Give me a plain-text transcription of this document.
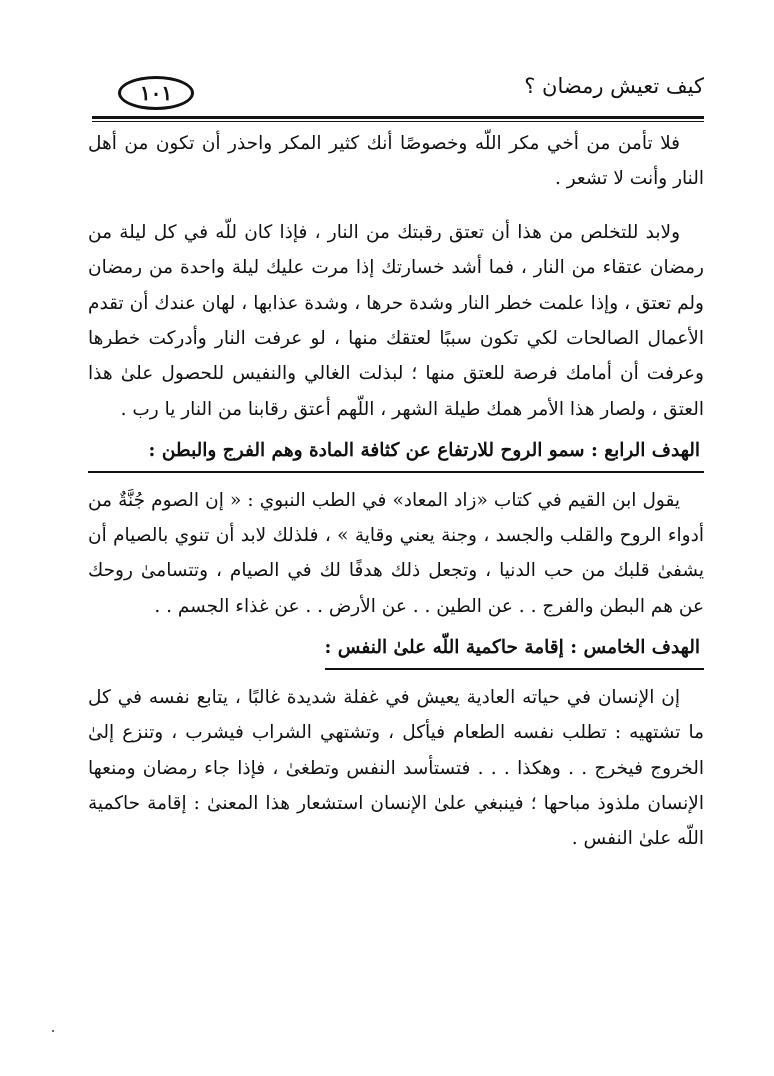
كيف تعيش رمضان ؟
١٠١

فلا تأمن من أخي مكر اللّه وخصوصًا أنك كثير المكر واحذر أن تكون من أهل النار وأنت لا تشعر .

ولابد للتخلص من هذا أن تعتق رقبتك من النار ، فإذا كان للّه في كل ليلة من رمضان عتقاء من النار ، فما أشد خسارتك إذا مرت عليك ليلة واحدة من رمضان ولم تعتق ، وإذا علمت خطر النار وشدة حرها ، وشدة عذابها ، لهان عندك أن تقدم الأعمال الصالحات لكي تكون سببًا لعتقك منها ، لو عرفت النار وأدركت خطرها وعرفت أن أمامك فرصة للعتق منها ؛ لبذلت الغالي والنفيس للحصول علىٰ هذا العتق ، ولصار هذا الأمر همك طيلة الشهر ، اللّهم أعتق رقابنا من النار يا رب .

الهدف الرابع : سمو الروح للارتفاع عن كثافة المادة وهم الفرج والبطن :

يقول ابن القيم في كتاب «زاد المعاد» في الطب النبوي : « إن الصوم جُنَّةٌ من أدواء الروح والقلب والجسد ، وجنة يعني وقاية » ، فلذلك لابد أن تنوي بالصيام أن يشفىٰ قلبك من حب الدنيا ، وتجعل ذلك هدفًا لك في الصيام ، وتتسامىٰ روحك عن هم البطن والفرج . . عن الطين . . عن الأرض . . عن غذاء الجسم . .

الهدف الخامس : إقامة حاكمية اللّه علىٰ النفس :

إن الإنسان في حياته العادية يعيش في غفلة شديدة غالبًا ، يتابع نفسه في كل ما تشتهيه : تطلب نفسه الطعام فيأكل ، وتشتهي الشراب فيشرب ، وتنزع إلىٰ الخروج فيخرج . . وهكذا . . . فتستأسد النفس وتطغىٰ ، فإذا جاء رمضان ومنعها الإنسان ملذوذ مباحها ؛ فينبغي علىٰ الإنسان استشعار هذا المعنىٰ : إقامة حاكمية اللّه علىٰ النفس .
